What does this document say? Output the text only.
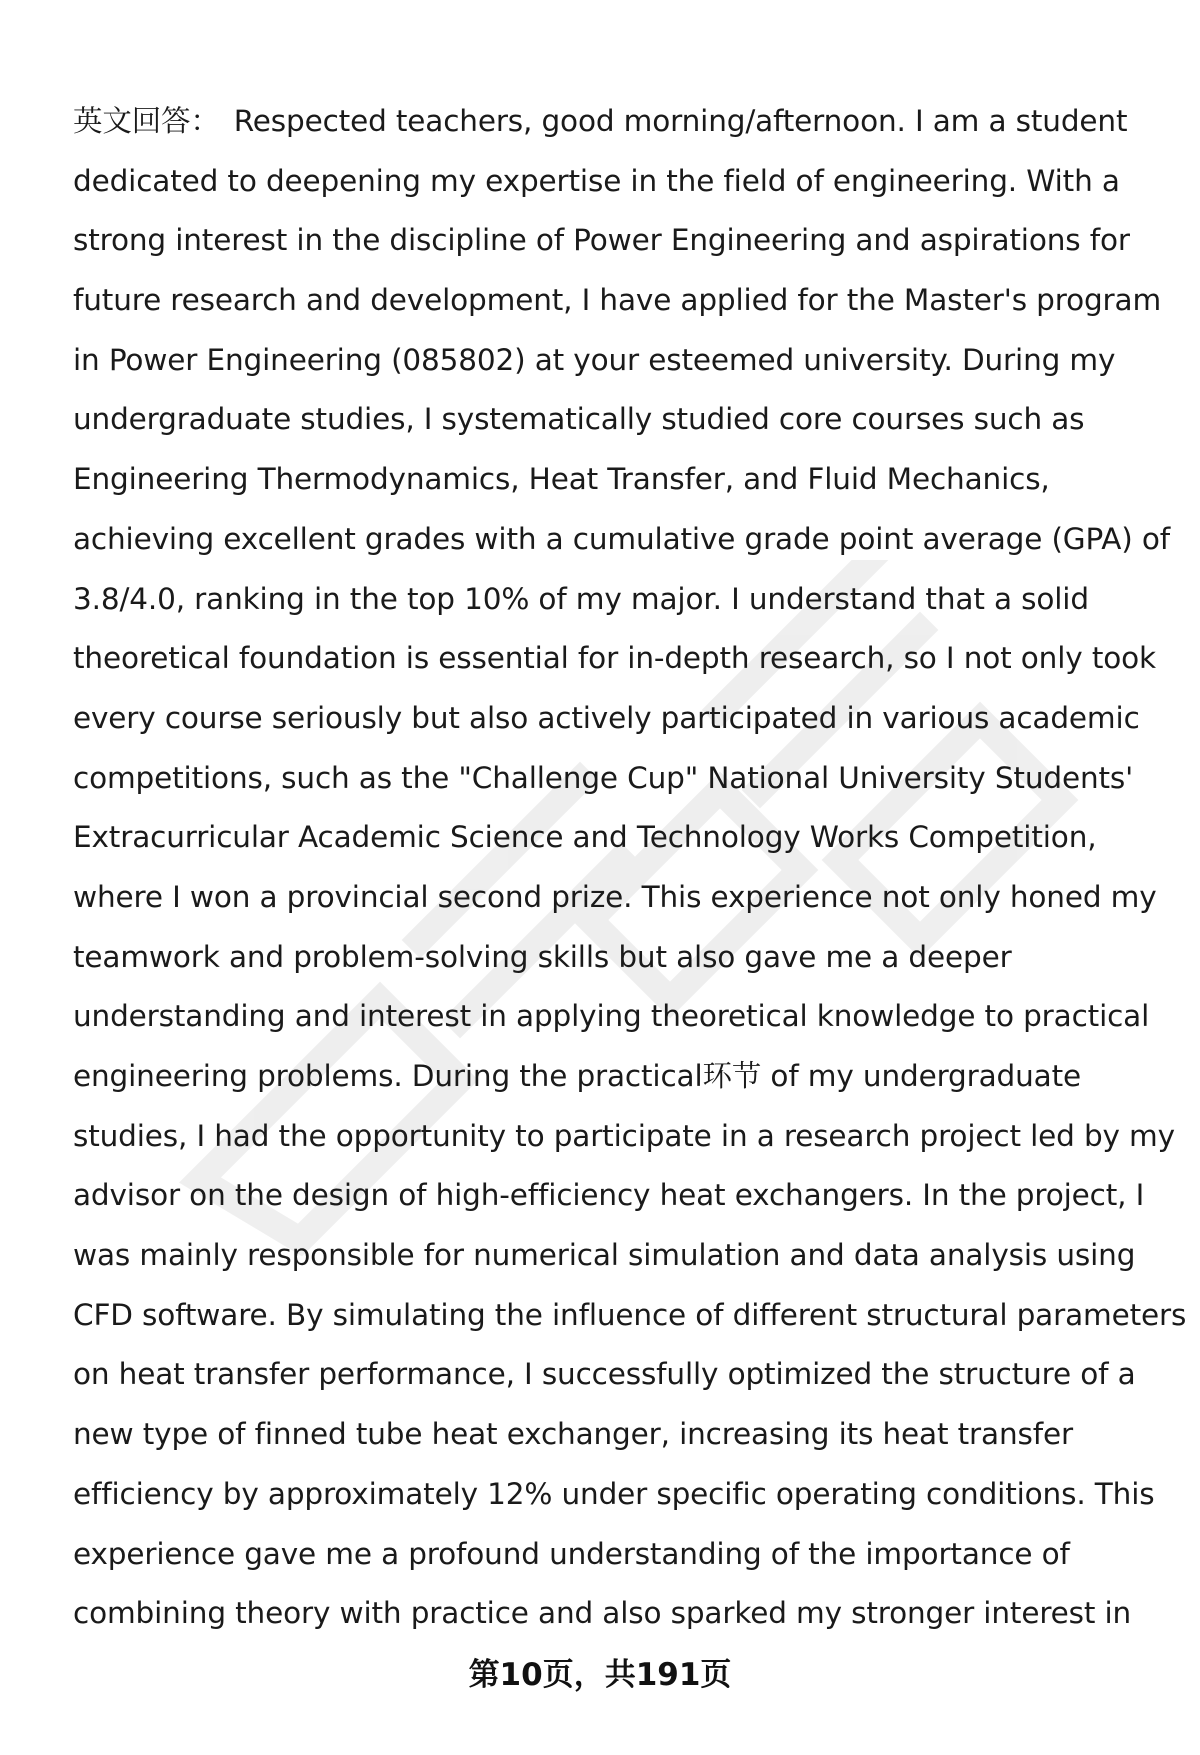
英文回答： Respected teachers, good morning/afternoon. I am a student
dedicated to deepening my expertise in the field of engineering. With a
strong interest in the discipline of Power Engineering and aspirations for
future research and development, I have applied for the Master's program
in Power Engineering (085802) at your esteemed university. During my
undergraduate studies, I systematically studied core courses such as
Engineering Thermodynamics, Heat Transfer, and Fluid Mechanics,
achieving excellent grades with a cumulative grade point average (GPA) of
3.8/4.0, ranking in the top 10% of my major. I understand that a solid
theoretical foundation is essential for in-depth research, so I not only took
every course seriously but also actively participated in various academic
competitions, such as the "Challenge Cup" National University Students'
Extracurricular Academic Science and Technology Works Competition,
where I won a provincial second prize. This experience not only honed my
teamwork and problem-solving skills but also gave me a deeper
understanding and interest in applying theoretical knowledge to practical
engineering problems. During the practical环节 of my undergraduate
studies, I had the opportunity to participate in a research project led by my
advisor on the design of high-efficiency heat exchangers. In the project, I
was mainly responsible for numerical simulation and data analysis using
CFD software. By simulating the influence of different structural parameters
on heat transfer performance, I successfully optimized the structure of a
new type of finned tube heat exchanger, increasing its heat transfer
efficiency by approximately 12% under specific operating conditions. This
experience gave me a profound understanding of the importance of
combining theory with practice and also sparked my stronger interest in
第10页，共191页
